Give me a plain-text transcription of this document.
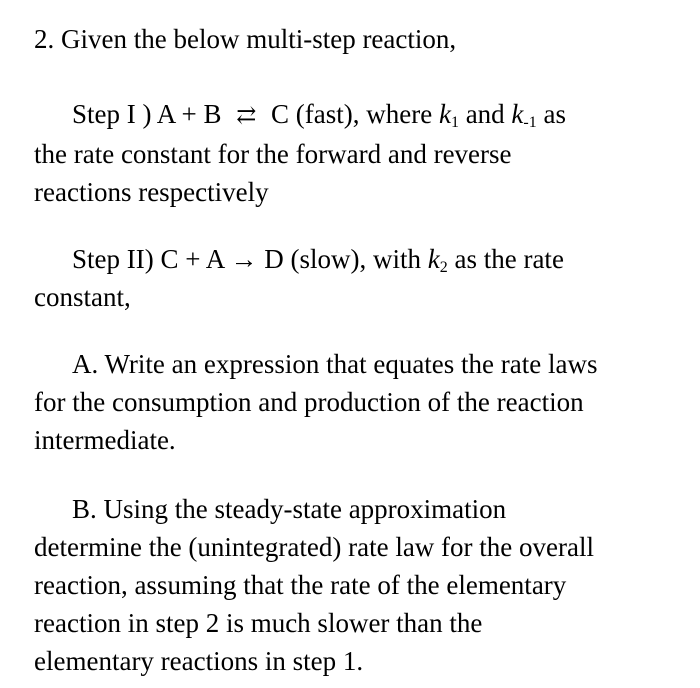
2. Given the below multi-step reaction,
Step I ) A + B ⇄ C (fast), where $k_1$ and $k_{-1}$ as
the rate constant for the forward and reverse
reactions respectively
Step II) C + A → D (slow), with $k_2$ as the rate
constant,
A. Write an expression that equates the rate laws
for the consumption and production of the reaction
intermediate.
B. Using the steady-state approximation
determine the (unintegrated) rate law for the overall
reaction, assuming that the rate of the elementary
reaction in step 2 is much slower than the
elementary reactions in step 1.
